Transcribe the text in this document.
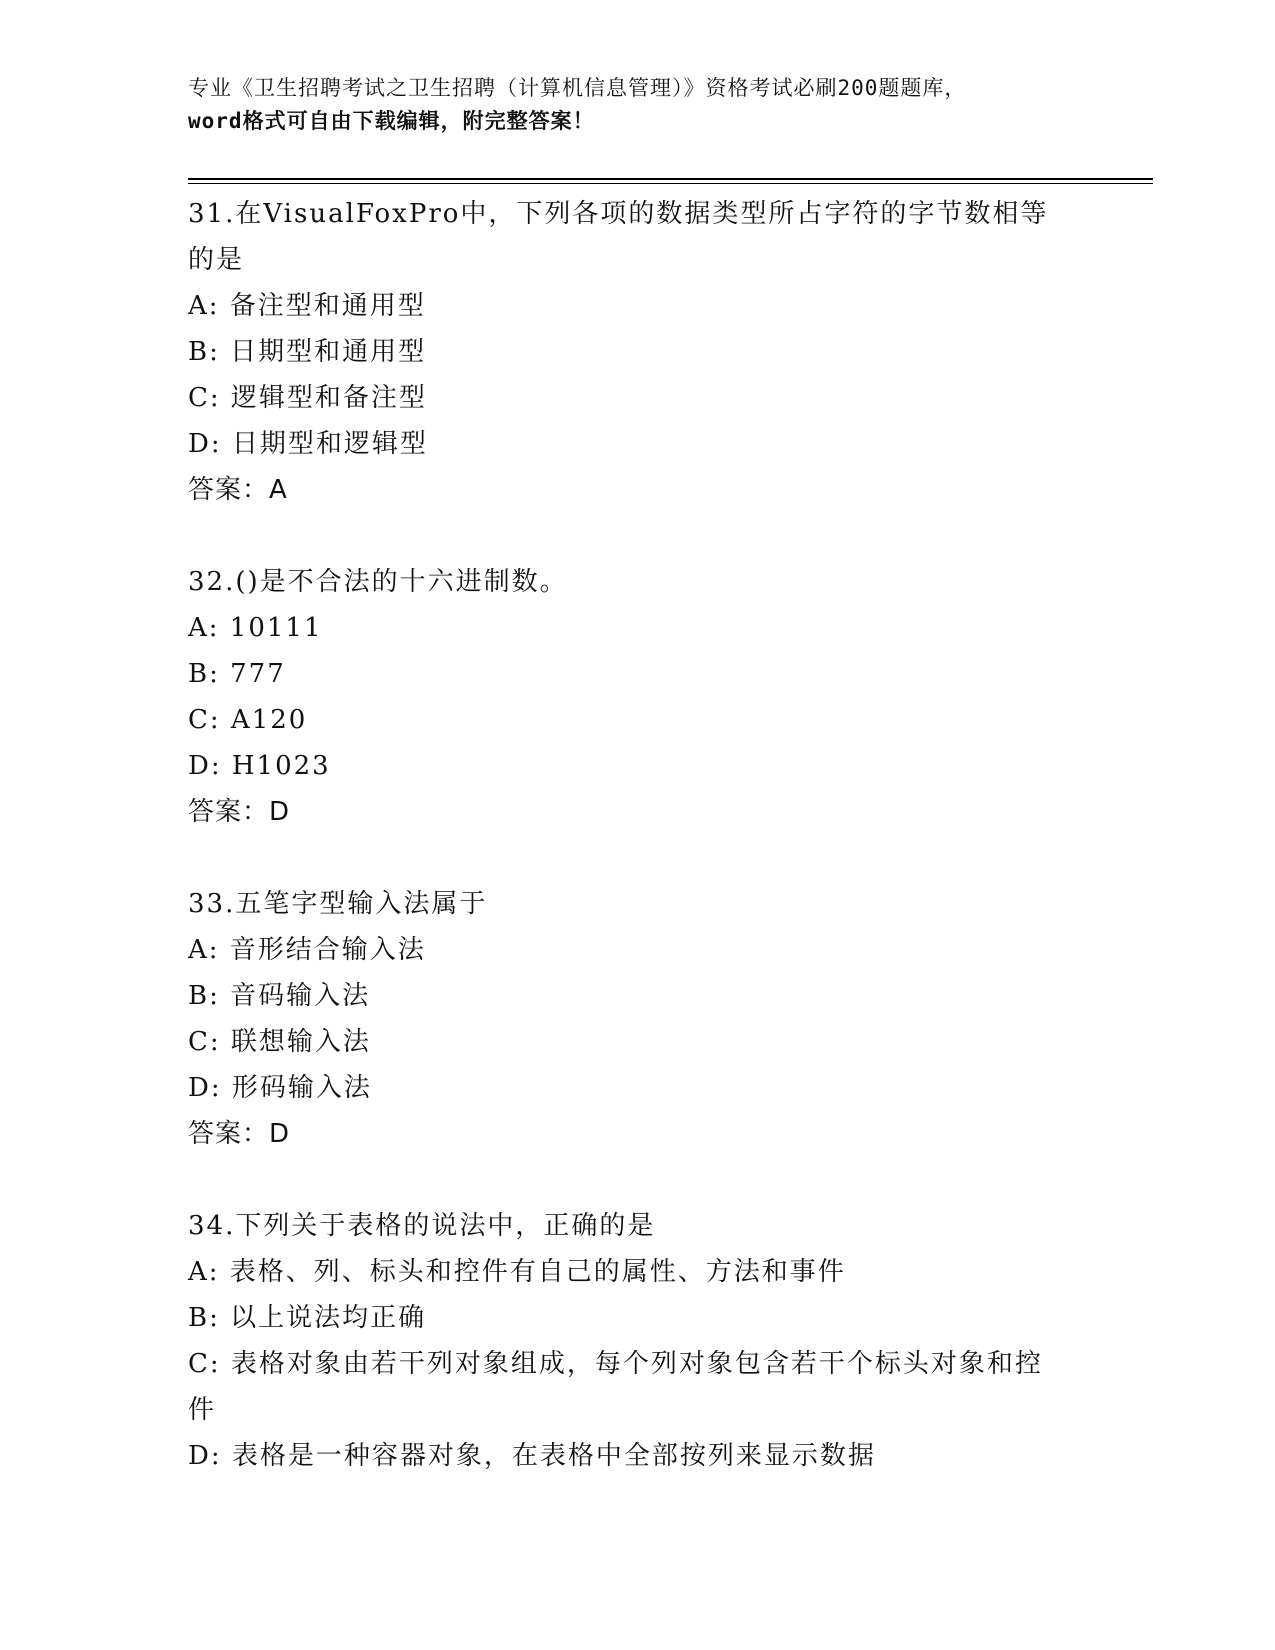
专业《卫生招聘考试之卫生招聘（计算机信息管理）》资格考试必刷200题题库，
word格式可自由下载编辑，附完整答案！

31.在VisualFoxPro中，下列各项的数据类型所占字符的字节数相等

的是

A: 备注型和通用型

B: 日期型和通用型

C: 逻辑型和备注型

D: 日期型和逻辑型

答案：A

32.()是不合法的十六进制数。

A: 10111

B: 777

C: A120

D: H1023

答案：D

33.五笔字型输入法属于

A: 音形结合输入法

B: 音码输入法

C: 联想输入法

D: 形码输入法

答案：D

34.下列关于表格的说法中，正确的是

A: 表格、列、标头和控件有自己的属性、方法和事件

B: 以上说法均正确

C: 表格对象由若干列对象组成，每个列对象包含若干个标头对象和控

件

D: 表格是一种容器对象，在表格中全部按列来显示数据
